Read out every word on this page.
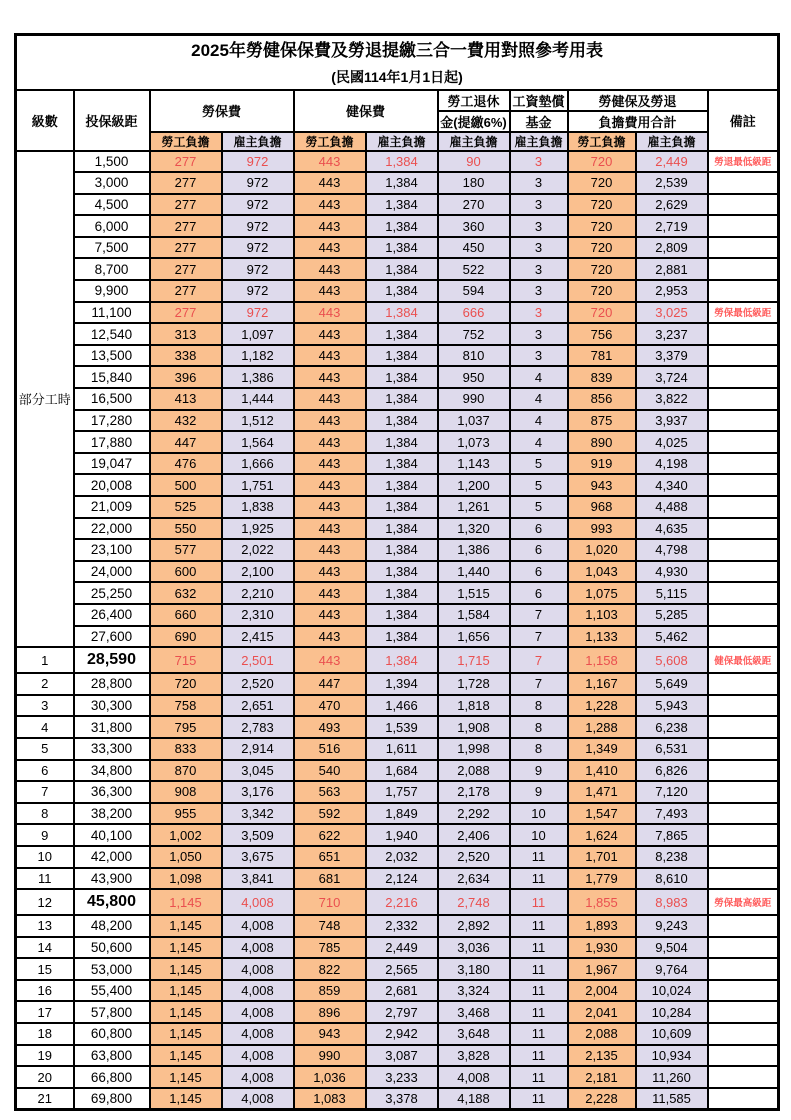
2025年勞健保保費及勞退提繳三合一費用對照參考用表
(民國114年1月1日起)										

級數	投保級距	勞保費		健保費		勞工退休	工資墊償	勞健保及勞退		備註
						金(提繳6%)	基金	負擔費用合計		
		勞工負擔	雇主負擔	勞工負擔	雇主負擔	雇主負擔	雇主負擔	勞工負擔	雇主負擔	
部分工時	1,500	277	972	443	1,384	90	3	720	2,449	勞退最低級距
	3,000	277	972	443	1,384	180	3	720	2,539	
	4,500	277	972	443	1,384	270	3	720	2,629	
	6,000	277	972	443	1,384	360	3	720	2,719	
	7,500	277	972	443	1,384	450	3	720	2,809	
	8,700	277	972	443	1,384	522	3	720	2,881	
	9,900	277	972	443	1,384	594	3	720	2,953	
	11,100	277	972	443	1,384	666	3	720	3,025	勞保最低級距
	12,540	313	1,097	443	1,384	752	3	756	3,237	
	13,500	338	1,182	443	1,384	810	3	781	3,379	
	15,840	396	1,386	443	1,384	950	4	839	3,724	
	16,500	413	1,444	443	1,384	990	4	856	3,822	
	17,280	432	1,512	443	1,384	1,037	4	875	3,937	
	17,880	447	1,564	443	1,384	1,073	4	890	4,025	
	19,047	476	1,666	443	1,384	1,143	5	919	4,198	
	20,008	500	1,751	443	1,384	1,200	5	943	4,340	
	21,009	525	1,838	443	1,384	1,261	5	968	4,488	
	22,000	550	1,925	443	1,384	1,320	6	993	4,635	
	23,100	577	2,022	443	1,384	1,386	6	1,020	4,798	
	24,000	600	2,100	443	1,384	1,440	6	1,043	4,930	
	25,250	632	2,210	443	1,384	1,515	6	1,075	5,115	
	26,400	660	2,310	443	1,384	1,584	7	1,103	5,285	
	27,600	690	2,415	443	1,384	1,656	7	1,133	5,462	
1	28,590	715	2,501	443	1,384	1,715	7	1,158	5,608	健保最低級距
2	28,800	720	2,520	447	1,394	1,728	7	1,167	5,649	
3	30,300	758	2,651	470	1,466	1,818	8	1,228	5,943	
4	31,800	795	2,783	493	1,539	1,908	8	1,288	6,238	
5	33,300	833	2,914	516	1,611	1,998	8	1,349	6,531	
6	34,800	870	3,045	540	1,684	2,088	9	1,410	6,826	
7	36,300	908	3,176	563	1,757	2,178	9	1,471	7,120	
8	38,200	955	3,342	592	1,849	2,292	10	1,547	7,493	
9	40,100	1,002	3,509	622	1,940	2,406	10	1,624	7,865	
10	42,000	1,050	3,675	651	2,032	2,520	11	1,701	8,238	
11	43,900	1,098	3,841	681	2,124	2,634	11	1,779	8,610	
12	45,800	1,145	4,008	710	2,216	2,748	11	1,855	8,983	勞保最高級距
13	48,200	1,145	4,008	748	2,332	2,892	11	1,893	9,243	
14	50,600	1,145	4,008	785	2,449	3,036	11	1,930	9,504	
15	53,000	1,145	4,008	822	2,565	3,180	11	1,967	9,764	
16	55,400	1,145	4,008	859	2,681	3,324	11	2,004	10,024	
17	57,800	1,145	4,008	896	2,797	3,468	11	2,041	10,284	
18	60,800	1,145	4,008	943	2,942	3,648	11	2,088	10,609	
19	63,800	1,145	4,008	990	3,087	3,828	11	2,135	10,934	
20	66,800	1,145	4,008	1,036	3,233	4,008	11	2,181	11,260	
21	69,800	1,145	4,008	1,083	3,378	4,188	11	2,228	11,585	
